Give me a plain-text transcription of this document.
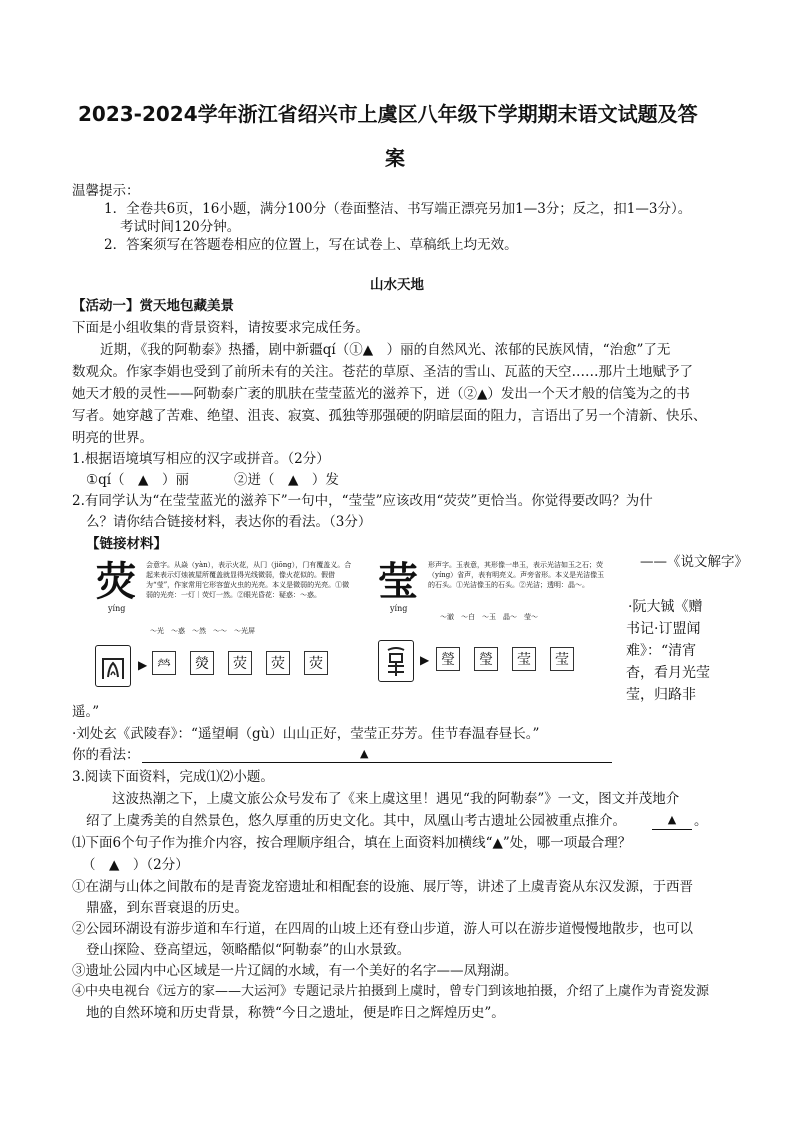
2023-2024学年浙江省绍兴市上虞区八年级下学期期末语文试题及答
案
温馨提示：
1．全卷共6页，16小题，满分100分（卷面整洁、书写端正漂亮另加1—3分；反之，扣1—3分）。
考试时间120分钟。
2．答案须写在答题卷相应的位置上，写在试卷上、草稿纸上均无效。
山水天地
【活动一】赏天地包藏美景
下面是小组收集的背景资料，请按要求完成任务。
近期，《我的阿勒泰》热播，剧中新疆qí（①▲　）丽的自然风光、浓郁的民族风情，“治愈”了无
数观众。作家李娟也受到了前所未有的关注。苍茫的草原、圣洁的雪山、瓦蓝的天空……那片土地赋予了
她天才般的灵性——阿勒泰广袤的肌肤在莹莹蓝光的滋养下，迸（②▲）发出一个天才般的信笺为之的书
写者。她穿越了苦难、绝望、沮丧、寂寞、孤独等那强硬的阴暗层面的阻力，言语出了另一个清新、快乐、
明亮的世界。
1.根据语境填写相应的汉字或拼音。（2分）
①qí（　▲　）丽	②迸（　▲　）发
2.有同学认为“在莹莹蓝光的滋养下”一句中，“莹莹”应该改用“荧荧”更恰当。你觉得要改吗？为什
么？请你结合链接材料，表达你的看法。（3分）
【链接材料】
荧
yíng
会意字。从焱（yàn），表示火花，从冂（jiōng），门有覆盖义。合起来表示灯烛被屋所覆盖就显得光线微弱，像火花似的。假借为“莹”，作家常用它形容萤火虫的光亮。本义是微弱的光亮。①微弱的光亮：一灯｜荧灯一然。②眼光昏花：疑惑：～惑。
～光　～惑　～然　～～　～光屏
▶ 𤇾	熒	荧	荧	荧
莹
yíng
形声字。玉表意，其形像一串玉，表示光洁如玉之石；荧（yíng）省声，表有明亮义。声旁省形。本义是光洁像玉的石头。①光洁像玉的石头。②光洁；透明：晶～。
～澈　～白　～玉　晶～　莹～
▶ 瑩	瑩	莹	莹
——《说文解字》
·阮大铖《赠
书记·订盟闻
难》：“清宵
杳，看月光莹
莹，归路非
遥。”
·刘处玄《武陵春》：“遥望峒（gù）山山正好，莹莹正芬芳。佳节春温春昼长。”
你的看法：	▲
3.阅读下面资料，完成⑴⑵小题。
这波热潮之下，上虞文旅公众号发布了《来上虞这里！遇见“我的阿勒泰”》一文，图文并茂地介
绍了上虞秀美的自然景色，悠久厚重的历史文化。其中，凤凰山考古遗址公园被重点推介。	▲	。
⑴下面6个句子作为推介内容，按合理顺序组合，填在上面资料加横线“▲”处，哪一项最合理？
（　▲　）（2分）
①在湖与山体之间散布的是青瓷龙窑遗址和相配套的设施、展厅等，讲述了上虞青瓷从东汉发源，于西晋
鼎盛，到东晋衰退的历史。
②公园环湖设有游步道和车行道，在四周的山坡上还有登山步道，游人可以在游步道慢慢地散步，也可以
登山探险、登高望远，领略酷似“阿勒泰”的山水景致。
③遗址公园内中心区域是一片辽阔的水域，有一个美好的名字——凤翔湖。
④中央电视台《远方的家——大运河》专题记录片拍摄到上虞时，曾专门到该地拍摄，介绍了上虞作为青瓷发源
地的自然环境和历史背景，称赞“今日之遗址，便是昨日之辉煌历史”。
